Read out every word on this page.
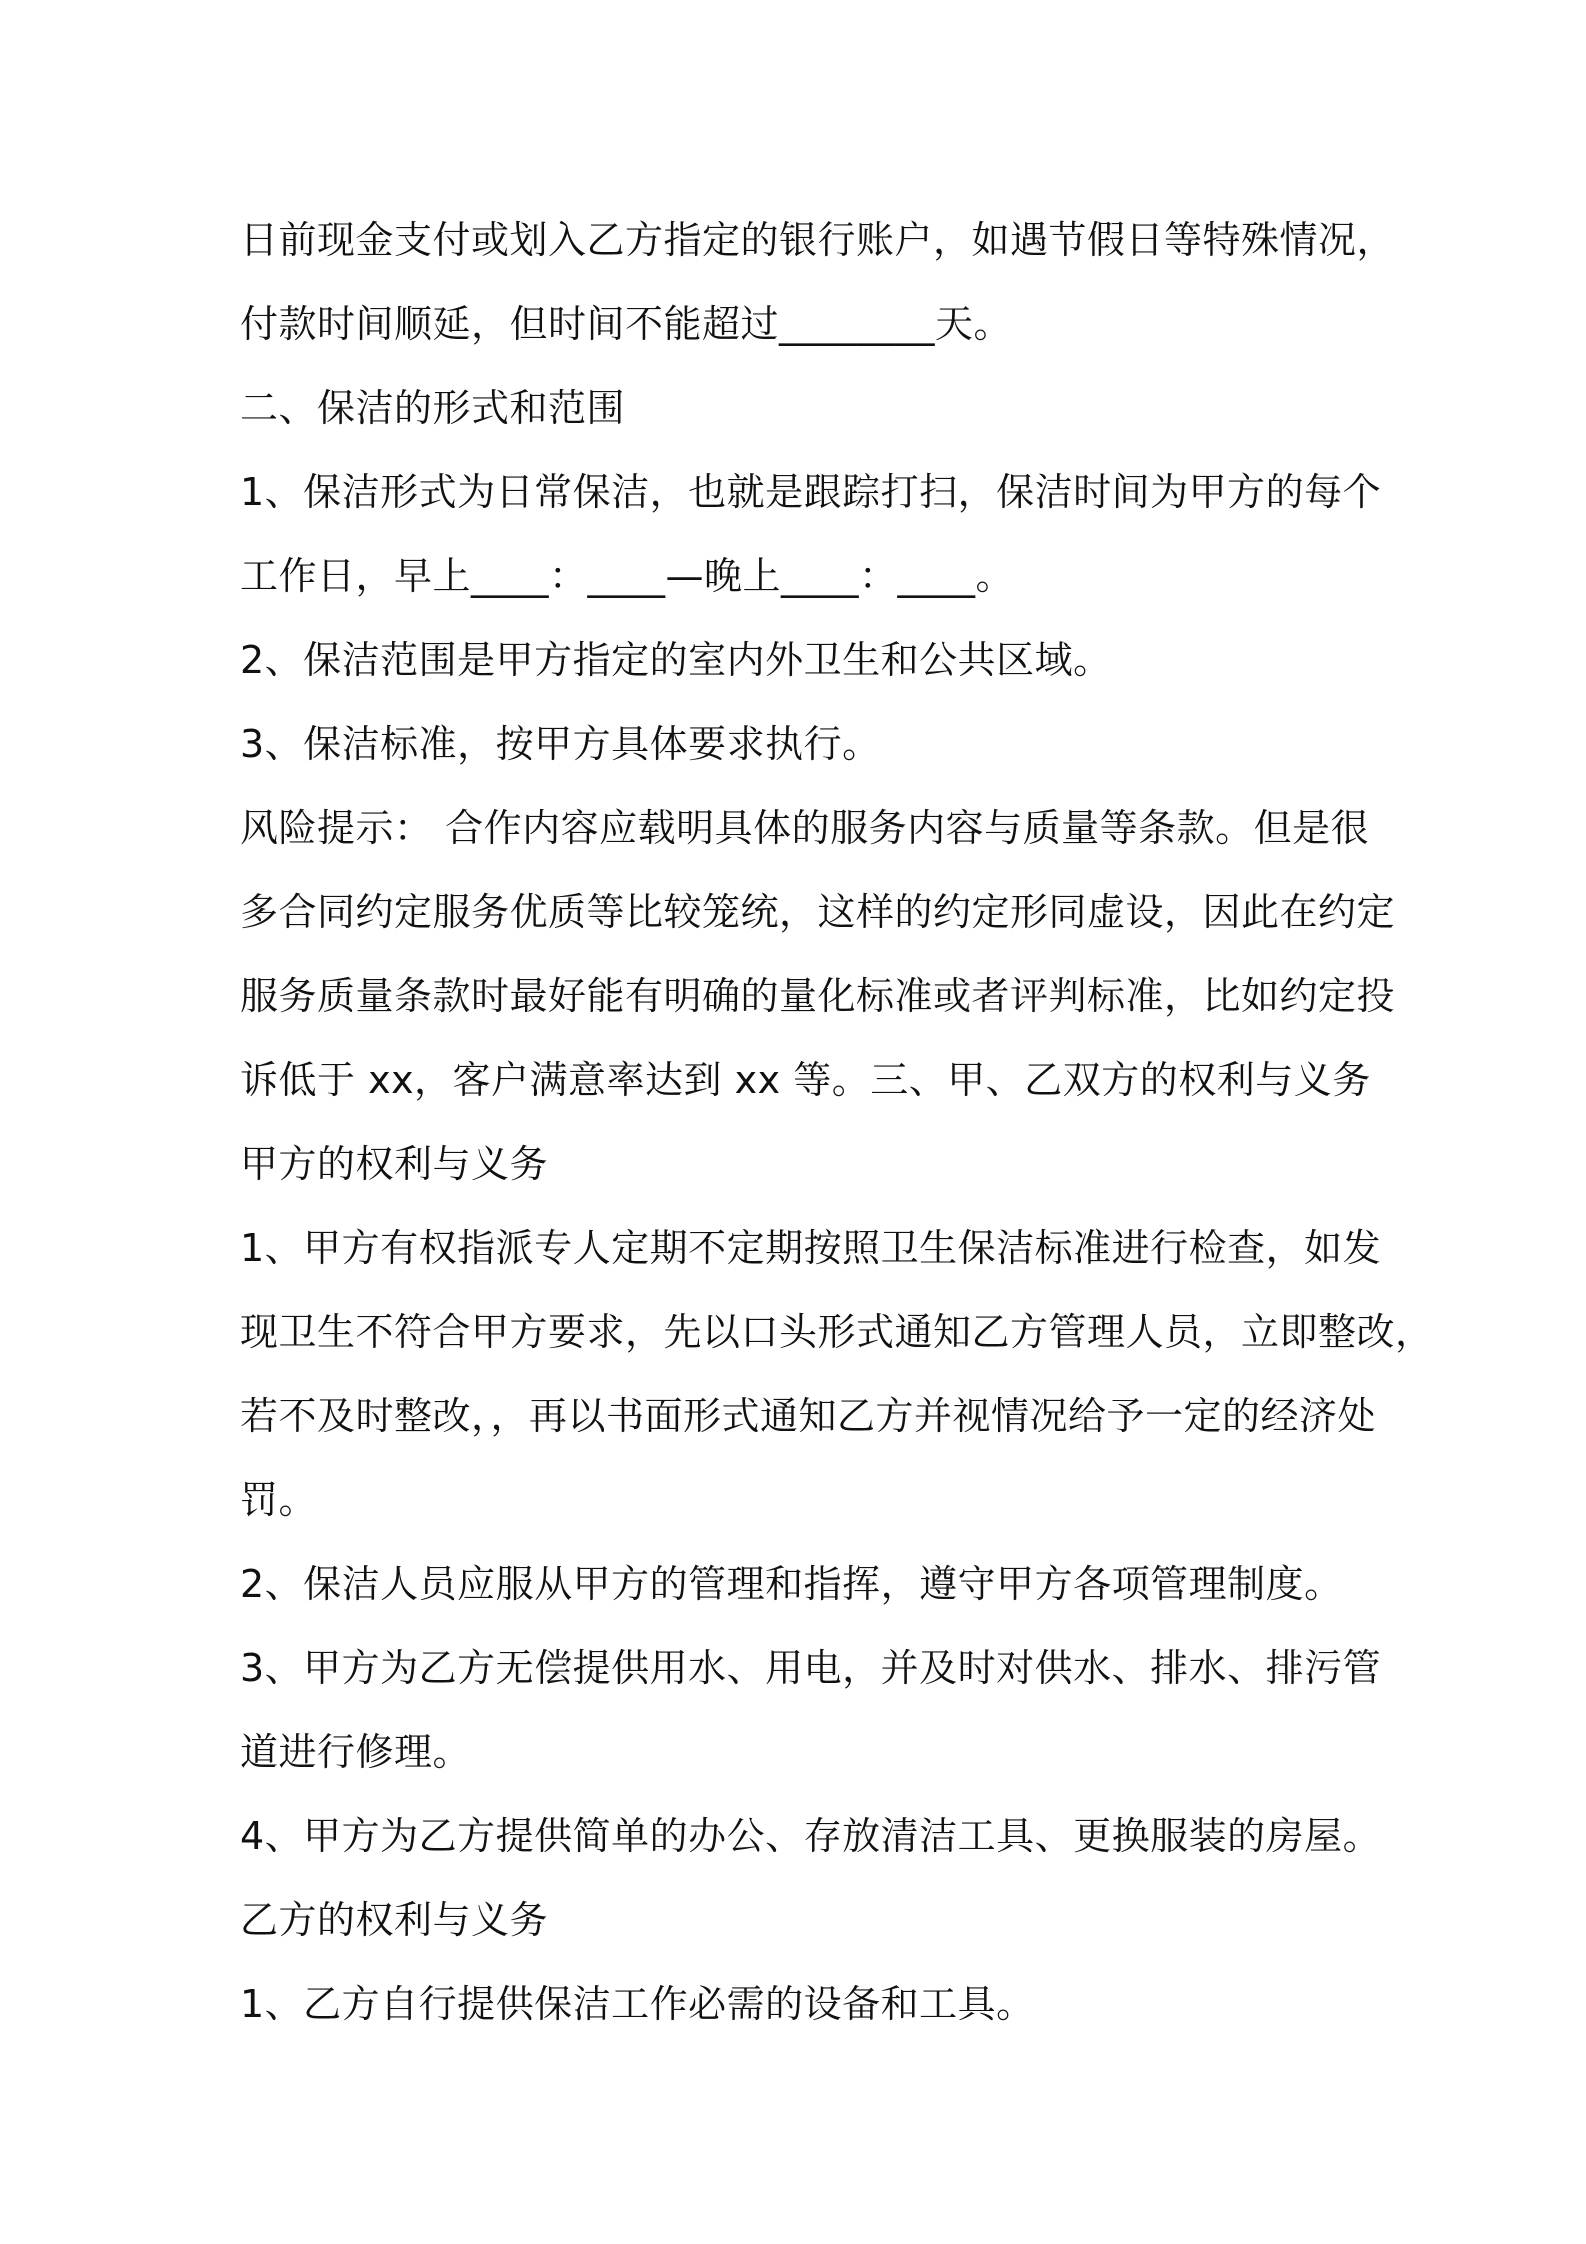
日前现金支付或划入乙方指定的银行账户，如遇节假日等特殊情况，
付款时间顺延，但时间不能超过________天。
二、保洁的形式和范围
1、保洁形式为日常保洁，也就是跟踪打扫，保洁时间为甲方的每个
工作日，早上____：____—晚上____：____。
2、保洁范围是甲方指定的室内外卫生和公共区域。
3、保洁标准，按甲方具体要求执行。
风险提示： 合作内容应载明具体的服务内容与质量等条款。但是很
多合同约定服务优质等比较笼统，这样的约定形同虚设，因此在约定
服务质量条款时最好能有明确的量化标准或者评判标准，比如约定投
诉低于 xx，客户满意率达到 xx 等。三、甲、乙双方的权利与义务
甲方的权利与义务
1、甲方有权指派专人定期不定期按照卫生保洁标准进行检查，如发
现卫生不符合甲方要求，先以口头形式通知乙方管理人员，立即整改，
若不及时整改，，再以书面形式通知乙方并视情况给予一定的经济处
罚。
2、保洁人员应服从甲方的管理和指挥，遵守甲方各项管理制度。
3、甲方为乙方无偿提供用水、用电，并及时对供水、排水、排污管
道进行修理。
4、甲方为乙方提供简单的办公、存放清洁工具、更换服装的房屋。
乙方的权利与义务
1、乙方自行提供保洁工作必需的设备和工具。
